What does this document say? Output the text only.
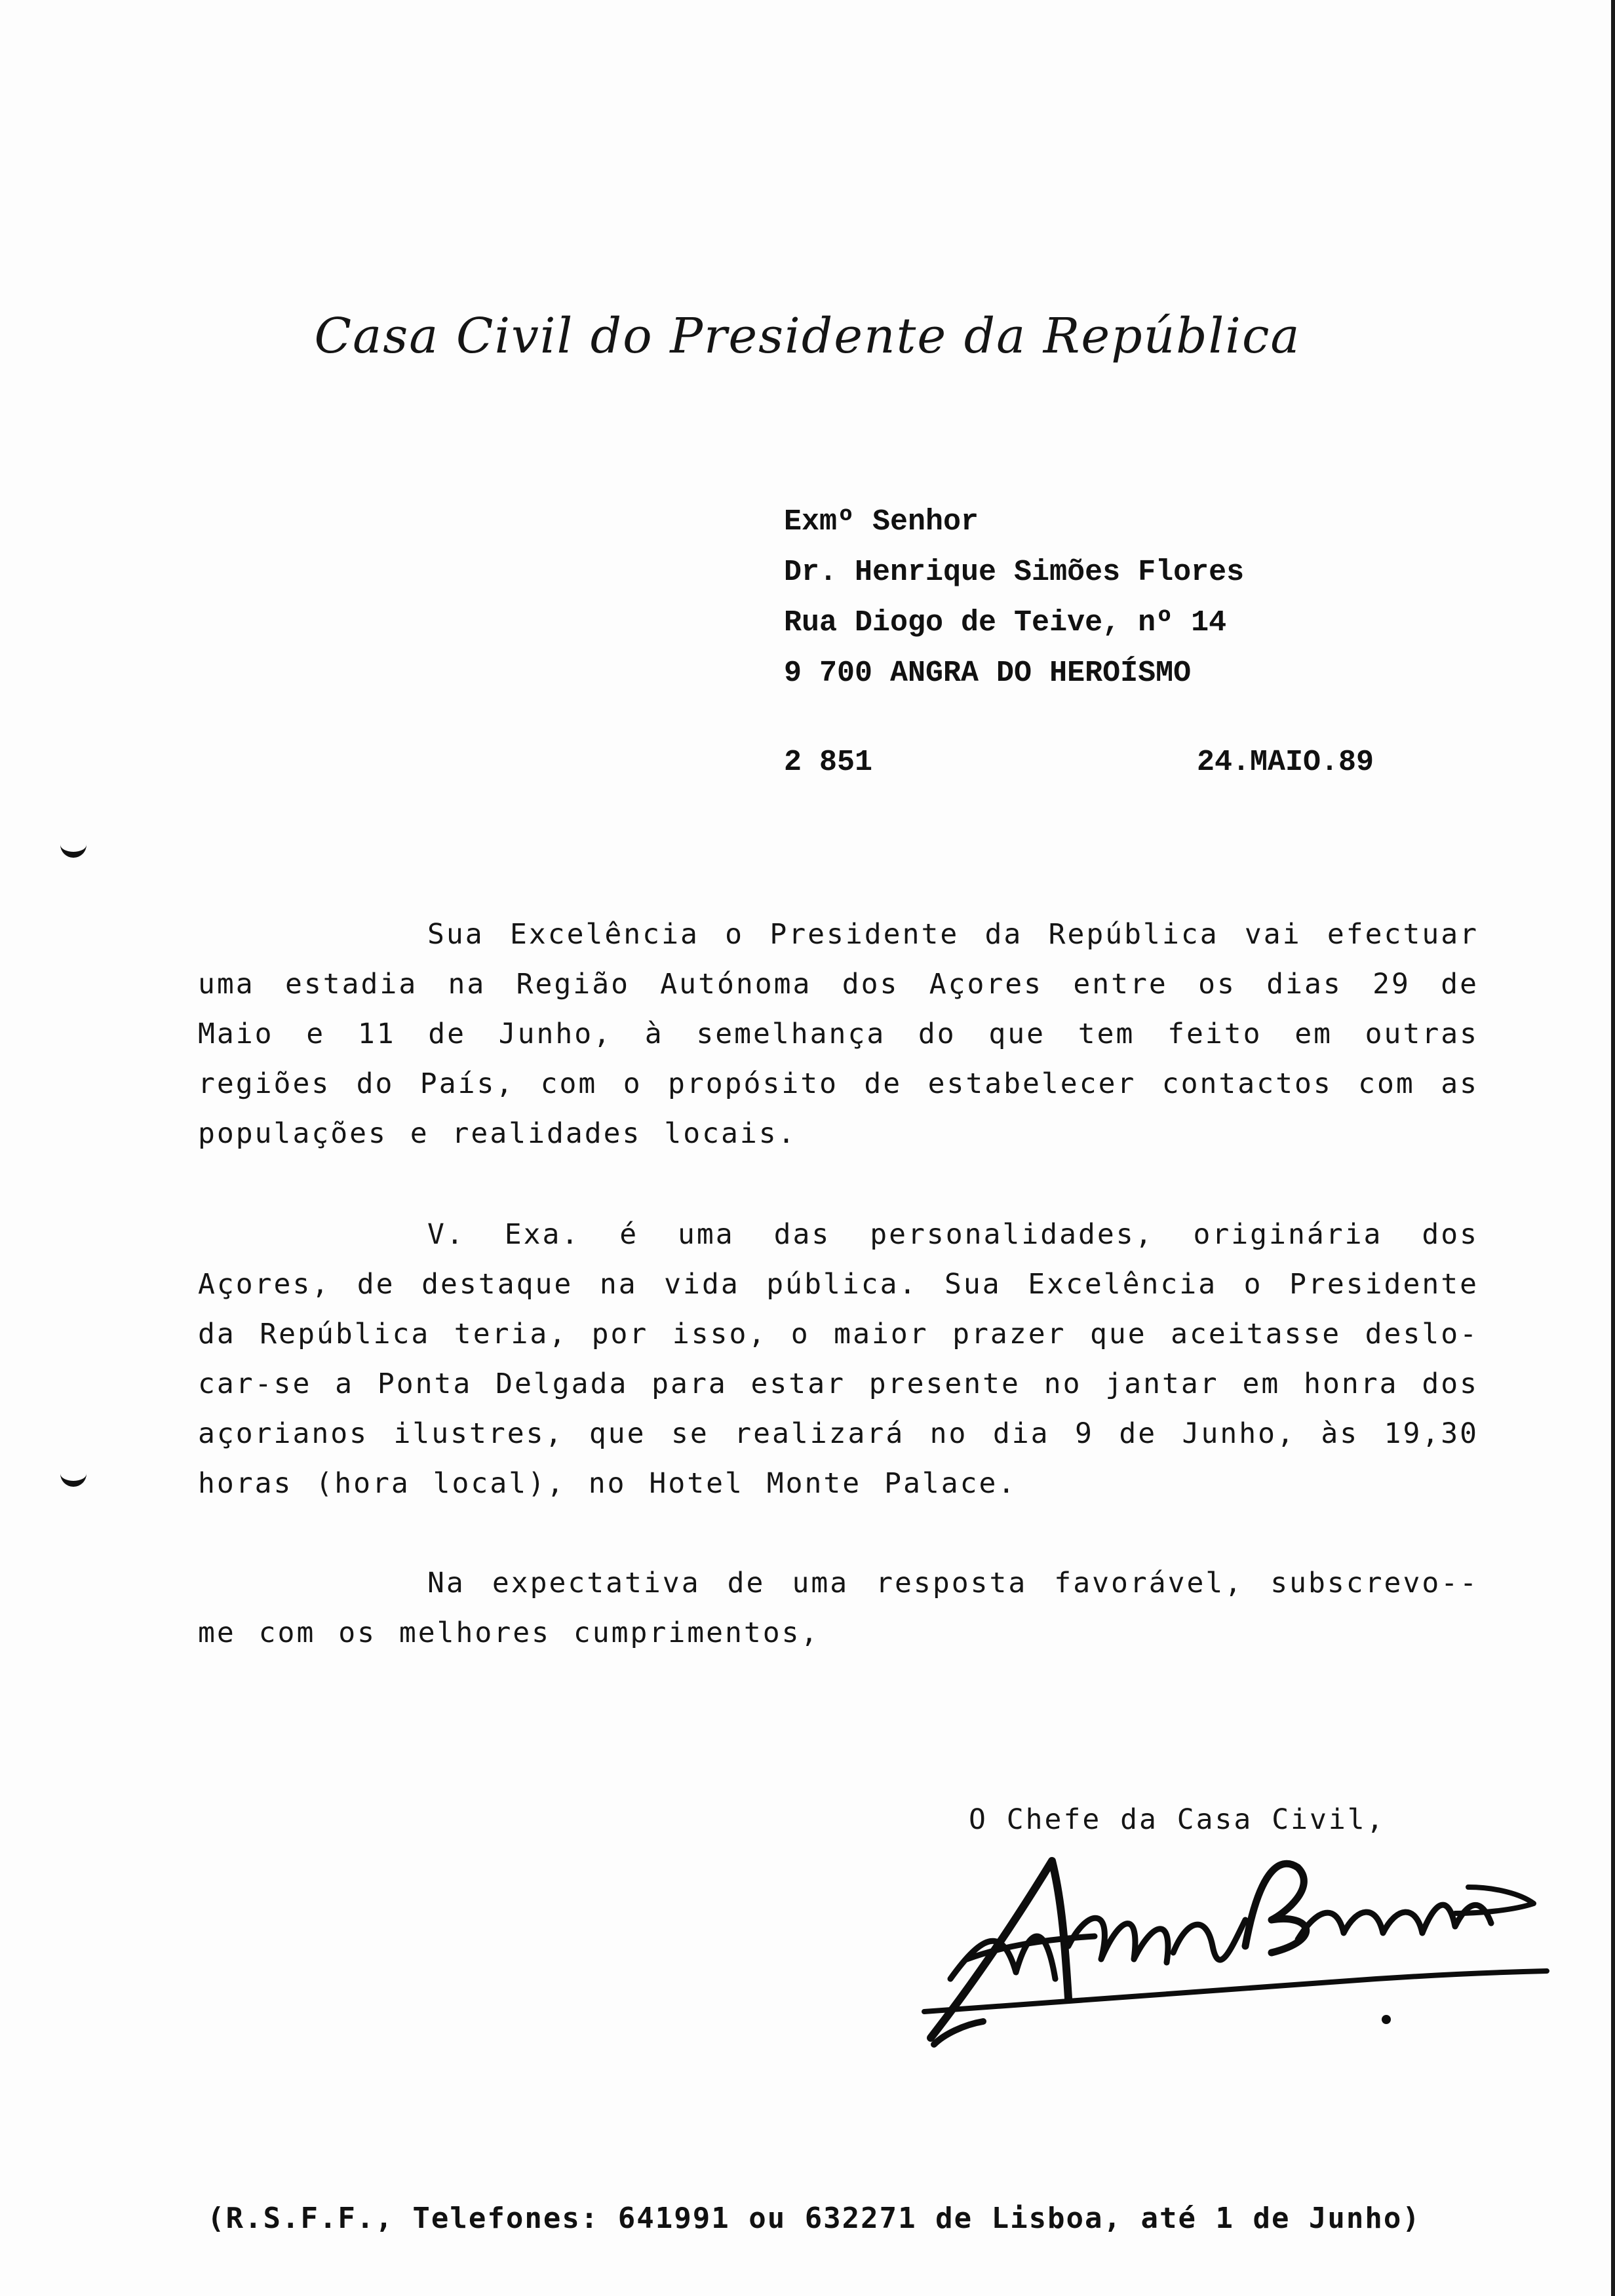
Casa Civil do Presidente da República
Exmº Senhor
Dr. Henrique Simões Flores
Rua Diogo de Teive, nº 14
9 700 ANGRA DO HEROÍSMO
2 851	24.MAIO.89
Sua Excelência o Presidente da República vai efectuar uma estadia na Região Autónoma dos Açores entre os dias 29 de Maio e 11 de Junho, à semelhança do que tem feito em outras regiões do País, com o propósito de estabelecer contactos com as populações e realidades locais.
V. Exa. é uma das personalidades, originária dos Açores, de destaque na vida pública. Sua Excelência o Presidente da República teria, por isso, o maior prazer que aceitasse deslo-car-se a Ponta Delgada para estar presente no jantar em honra dos açorianos ilustres, que se realizará no dia 9 de Junho, às 19,30 horas (hora local), no Hotel Monte Palace.
Na expectativa de uma resposta favorável, subscrevo--me com os melhores cumprimentos,
O Chefe da Casa Civil,
(R.S.F.F., Telefones: 641991 ou 632271 de Lisboa, até 1 de Junho)
